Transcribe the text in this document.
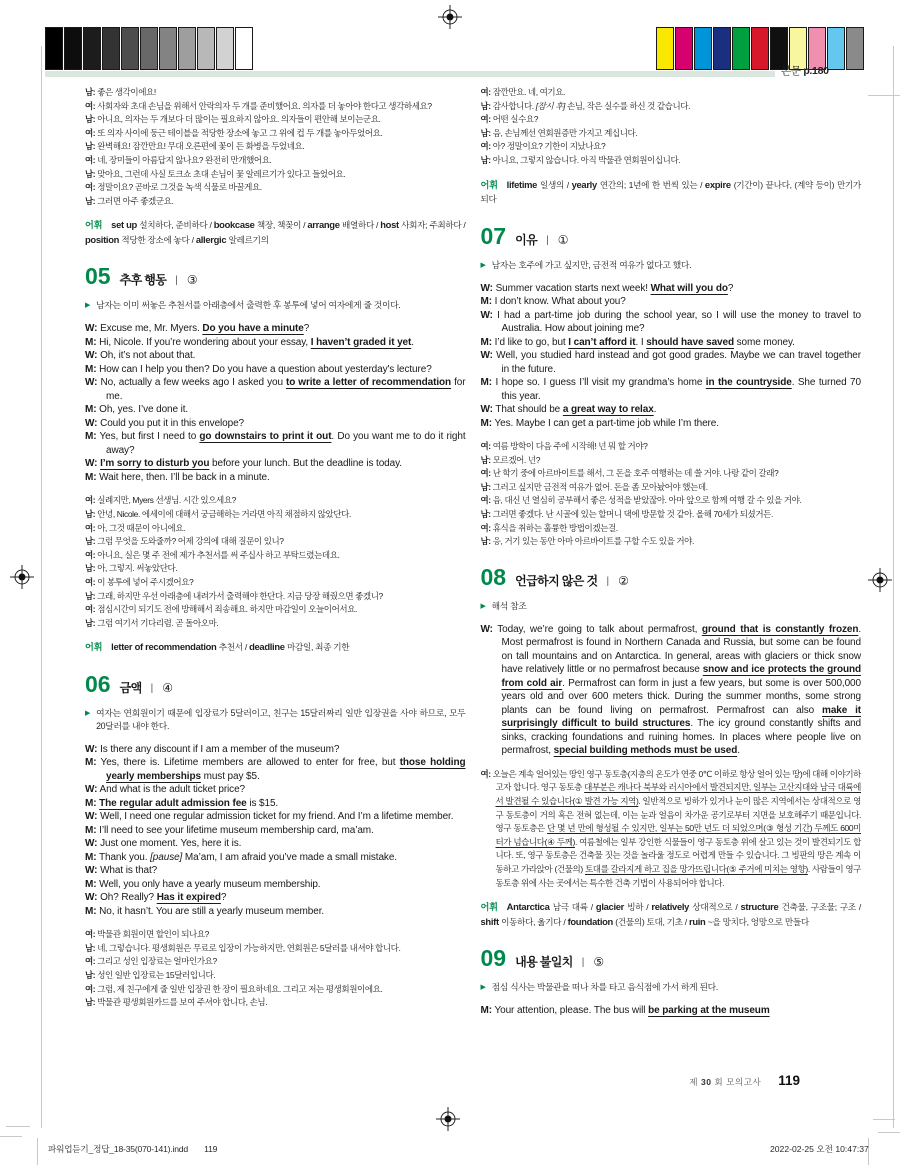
본문 p.180

남: 좋은 생각이에요!

여: 사회자와 초대 손님을 위해서 안락의자 두 개를 준비했어요. 의자를 더 놓아야 한다고 생각하세요?

남: 아니요, 의자는 두 개보다 더 많이는 필요하지 않아요. 의자들이 편안해 보이는군요.

여: 또 의자 사이에 둥근 테이블을 적당한 장소에 놓고 그 위에 컵 두 개를 놓아두었어요.

남: 완벽해요! 잠깐만요! 무대 오른편에 꽃이 든 화병을 두었네요.

여: 네, 장미들이 아름답지 않나요? 완전히 만개했어요.

남: 맞아요, 그런데 사실 토크쇼 초대 손님이 꽃 알레르기가 있다고 들었어요.

여: 정말이요? 곧바로 그것을 녹색 식물로 바꿀게요.

남: 그러면 아주 좋겠군요.

어휘 set up 설치하다, 준비하다 / bookcase 책장, 책꽂이 / arrange 배열하다 / host 사회자; 주최하다 / position 적당한 장소에 놓다 / allergic 알레르기의
05 추후 행동 | ③
▶ 남자는 이미 써놓은 추천서를 아래층에서 출력한 후 봉투에 넣어 여자에게 줄 것이다.

W: Excuse me, Mr. Myers. Do you have a minute?

M: Hi, Nicole. If you’re wondering about your essay, I haven’t graded it yet.

W: Oh, it’s not about that.

M: How can I help you then? Do you have a question about yesterday's lecture?

W: No, actually a few weeks ago I asked you to write a letter of recommendation for me.

M: Oh, yes. I’ve done it.

W: Could you put it in this envelope?

M: Yes, but first I need to go downstairs to print it out. Do you want me to do it right away?

W: I’m sorry to disturb you before your lunch. But the deadline is today.

M: Wait here, then. I’ll be back in a minute.

여: 실례지만, Myers 선생님. 시간 있으세요?

남: 안녕, Nicole. 에세이에 대해서 궁금해하는 거라면 아직 채점하지 않았단다.

여: 아, 그것 때문이 아니에요.

남: 그럼 무엇을 도와줄까? 어제 강의에 대해 질문이 있니?

여: 아니요, 실은 몇 주 전에 제가 추천서를 써 주십사 하고 부탁드렸는데요.

남: 아, 그렇지. 써놓았단다.

여: 이 봉투에 넣어 주시겠어요?

남: 그래, 하지만 우선 아래층에 내려가서 출력해야 한단다. 지금 당장 해줬으면 좋겠니?

여: 점심시간이 되기도 전에 방해해서 죄송해요. 하지만 마감일이 오늘이어서요.

남: 그럼 여기서 기다리렴. 곧 돌아오마.

어휘 letter of recommendation 추천서 / deadline 마감일, 최종 기한
06 금액 | ④
▶ 여자는 연회원이기 때문에 입장료가 5달러이고, 친구는 15달러짜리 일반 입장권을 사야 하므로, 모두 20달러를 내야 한다.

W: Is there any discount if I am a member of the museum?

M: Yes, there is. Lifetime members are allowed to enter for free, but those holding yearly memberships must pay $5.

W: And what is the adult ticket price?

M: The regular adult admission fee is $15.

W: Well, I need one regular admission ticket for my friend. And I’m a lifetime member.

M: I’ll need to see your lifetime museum membership card, ma’am.

W: Just one moment. Yes, here it is.

M: Thank you. [pause] Ma’am, I am afraid you’ve made a small mistake.

W: What is that?

M: Well, you only have a yearly museum membership.

W: Oh? Really? Has it expired?

M: No, it hasn’t. You are still a yearly museum member.

여: 박물관 회원이면 할인이 되나요?

남: 네, 그렇습니다. 평생회원은 무료로 입장이 가능하지만, 연회원은 5달러를 내셔야 합니다.

여: 그리고 성인 입장료는 얼마인가요?

남: 성인 일반 입장료는 15달러입니다.

여: 그럼, 제 친구에게 줄 일반 입장권 한 장이 필요하네요. 그리고 저는 평생회원이에요.

남: 박물관 평생회원카드를 보여 주셔야 합니다, 손님.

여: 잠깐만요. 네, 여기요.

남: 감사합니다. [잠시 후] 손님, 작은 실수를 하신 것 같습니다.

여: 어떤 실수요?

남: 음, 손님께선 연회원증만 가지고 계십니다.

여: 아? 정말이요? 기한이 지났나요?

남: 아니요, 그렇지 않습니다. 아직 박물관 연회원이십니다.

어휘 lifetime 일생의 / yearly 연간의; 1년에 한 번씩 있는 / expire (기간이) 끝나다, (계약 등이) 만기가 되다
07 이유 | ①
▶ 남자는 호주에 가고 싶지만, 금전적 여유가 없다고 했다.

W: Summer vacation starts next week! What will you do?

M: I don’t know. What about you?

W: I had a part-time job during the school year, so I will use the money to travel to Australia. How about joining me?

M: I’d like to go, but I can’t afford it. I should have saved some money.

W: Well, you studied hard instead and got good grades. Maybe we can travel together in the future.

M: I hope so. I guess I’ll visit my grandma’s home in the countryside. She turned 70 this year.

W: That should be a great way to relax.

M: Yes. Maybe I can get a part-time job while I’m there.

여: 여름 방학이 다음 주에 시작해! 넌 뭐 할 거야?

남: 모르겠어. 넌?

여: 난 학기 중에 아르바이트를 해서, 그 돈을 호주 여행하는 데 쓸 거야. 나랑 같이 갈래?

남: 그러고 싶지만 금전적 여유가 없어. 돈을 좀 모아놨어야 했는데.

여: 음, 대신 넌 열심히 공부해서 좋은 성적을 받았잖아. 아마 앞으로 함께 여행 갈 수 있을 거야.

남: 그러면 좋겠다. 난 시골에 있는 할머니 댁에 방문할 것 같아. 올해 70세가 되셨거든.

여: 휴식을 취하는 훌륭한 방법이겠는걸.

남: 응, 거기 있는 동안 아마 아르바이트를 구할 수도 있을 거야.

08 언급하지 않은 것 | ②
▶ 해석 참조

W: Today, we’re going to talk about permafrost, ground that is constantly frozen. Most permafrost is found in Northern Canada and Russia, but some can be found on tall mountains and on Antarctica. In general, areas with glaciers or thick snow have relatively little or no permafrost because snow and ice protects the ground from cold air. Permafrost can form in just a few years, but some is over 500,000 years old and over 600 meters thick. During the summer months, some strong plants can be found living on permafrost. Permafrost can also make it surprisingly difficult to build structures. The icy ground constantly shifts and sinks, cracking foundations and ruining homes. In places where people live on permafrost, special building methods must be used.

여: 오늘은 계속 얼어있는 땅인 영구 동토층(지층의 온도가 연중 0℃ 이하로 항상 얼어 있는 땅)에 대해 이야기하고자 합니다. 영구 동토층 대부분은 캐나다 북부와 러시아에서 발견되지만, 일부는 고산지대와 남극 대륙에서 발견될 수 있습니다(① 발견 가능 지역). 일반적으로 빙하가 있거나 눈이 많은 지역에서는 상대적으로 영구 동토층이 거의 혹은 전혀 없는데, 이는 눈과 얼음이 차가운 공기로부터 지면을 보호해주기 때문입니다. 영구 동토층은 단 몇 년 만에 형성될 수 있지만, 일부는 50만 년도 더 되었으며(③ 형성 기간) 두께도 600미터가 넘습니다(④ 두께). 여름철에는 일부 강인한 식물들이 영구 동토층 위에 살고 있는 것이 발견되기도 합니다. 또, 영구 동토층은 건축물 짓는 것을 놀라울 정도로 어렵게 만들 수 있습니다. 그 빙판의 땅은 계속 이동하고 가라앉아 (건물의) 토대를 갈라지게 하고 집을 망가뜨립니다(⑤ 주거에 미치는 영향). 사람들이 영구 동토층 위에 사는 곳에서는 특수한 건축 기법이 사용되어야 합니다.

어휘 Antarctica 남극 대륙 / glacier 빙하 / relatively 상대적으로 / structure 건축물, 구조물; 구조 / shift 이동하다, 옮기다 / foundation (건물의) 토대, 기초 / ruin ~을 망치다, 엉망으로 만들다
09 내용 불일치 | ⑤
▶ 점심 식사는 박물관을 떠나 차를 타고 음식점에 가서 하게 된다.

M: Your attention, please. The bus will be parking at the museum

제 30 회 모의고사 119
파워업듣기_정답_18-35(070-141).indd 119	2022-02-25 오전 10:47:37
